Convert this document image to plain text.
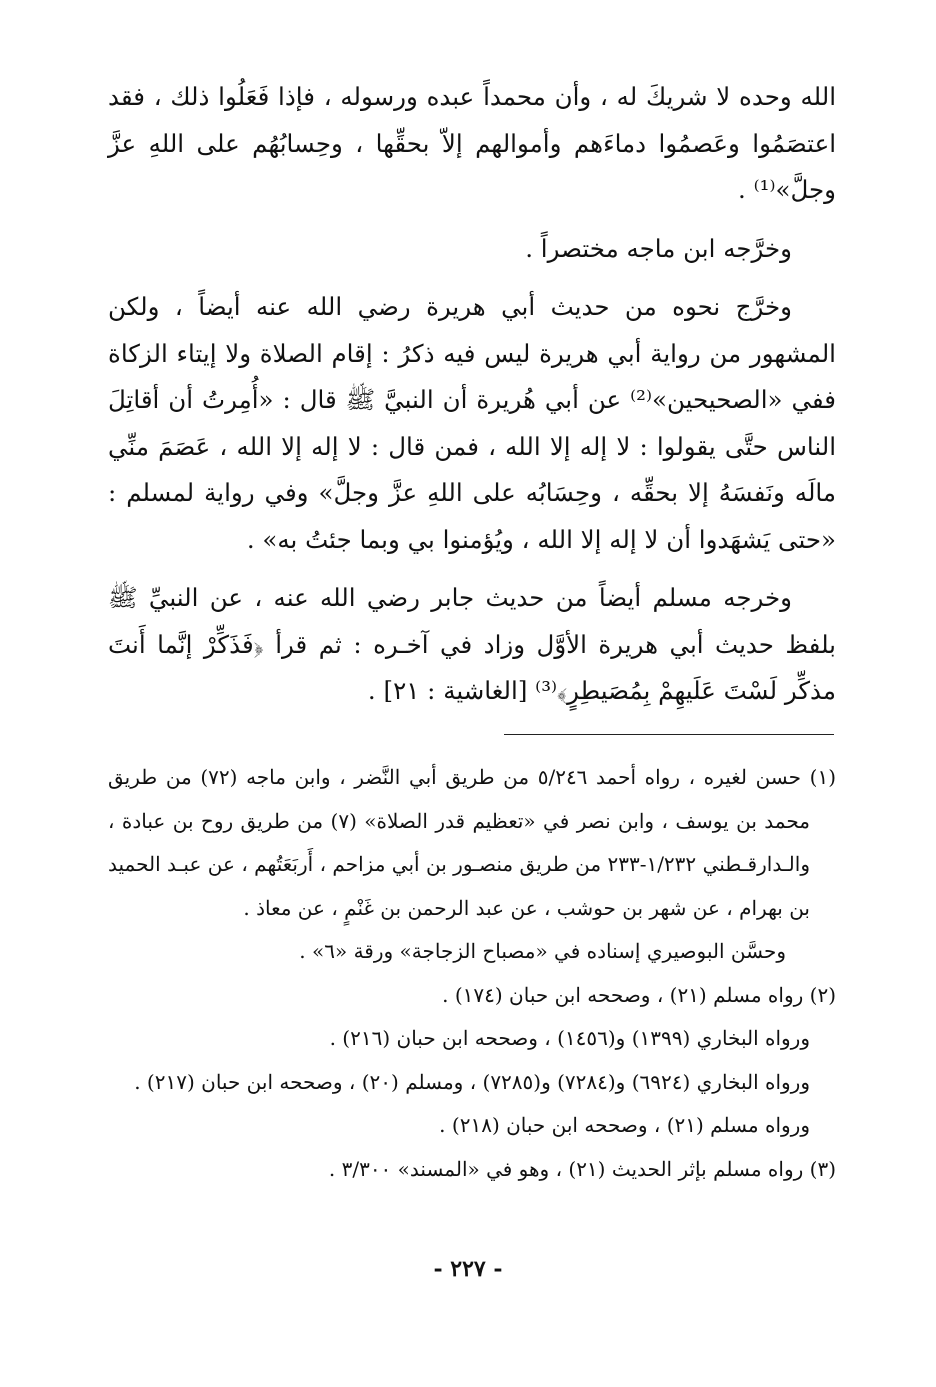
الله وحده لا شريكَ له ، وأن محمداً عبده ورسوله ، فإذا فَعَلُوا ذلك ، فقد اعتصَمُوا وعَصمُوا دماءَهم وأموالهم إلاّ بحقِّها ، وحِسابُهُم على اللهِ عزَّ وجلَّ»⁽¹⁾ .

وخرَّجه ابن ماجه مختصراً .

وخرَّج نحوه من حديث أبي هريرة رضي الله عنه أيضاً ، ولكن المشهور من رواية أبي هريرة ليس فيه ذكرُ : إقام الصلاة ولا إيتاء الزكاة ففي «الصحيحين»⁽²⁾ عن أبي هُريرة أن النبيَّ ﷺ قال : «أُمِرتُ أن أقاتِلَ الناس حتَّى يقولوا : لا إله إلا الله ، فمن قال : لا إله إلا الله ، عَصَمَ منِّي مالَه ونَفسَهُ إلا بحقِّه ، وحِسَابُه على اللهِ عزَّ وجلَّ» وفي رواية لمسلم : «حتى يَشهَدوا أن لا إله إلا الله ، ويُؤمنوا بي وبما جئتُ به» .

وخرجه مسلم أيضاً من حديث جابر رضي الله عنه ، عن النبيِّ ﷺ بلفظ حديث أبي هريرة الأوَّل وزاد في آخـره : ثم قرأ ﴿فَذَكِّرْ إنَّما أَنتَ مذكِّر لَسْتَ عَلَيهِمْ بِمُصَيطِرٍ﴾⁽³⁾ [الغاشية : ٢١] .

(١) حسن لغيره ، رواه أحمد ٥/٢٤٦ من طريق أبي النَّضر ، وابن ماجه (٧٢) من طريق محمد بن يوسف ، وابن نصر في «تعظيم قدر الصلاة» (٧) من طريق روح بن عبادة ، والـدارقـطني ١/٢٣٢-٢٣٣ من طريق منصـور بن أبي مزاحم ، أَربَعَتُهم ، عن عبـد الحميد بن بهرام ، عن شهر بن حوشب ، عن عبد الرحمن بن غَنْمٍ ، عن معاذ .

وحسَّن البوصيري إسناده في «مصباح الزجاجة» ورقة «٦» .

(٢) رواه مسلم (٢١) ، وصححه ابن حبان (١٧٤) .

ورواه البخاري (١٣٩٩) و(١٤٥٦) ، وصححه ابن حبان (٢١٦) .

ورواه البخاري (٦٩٢٤) و(٧٢٨٤) و(٧٢٨٥) ، ومسلم (٢٠) ، وصححه ابن حبان (٢١٧) .

ورواه مسلم (٢١) ، وصححه ابن حبان (٢١٨) .

(٣) رواه مسلم بإثر الحديث (٢١) ، وهو في «المسند» ٣/٣٠٠ .

- ٢٢٧ -
